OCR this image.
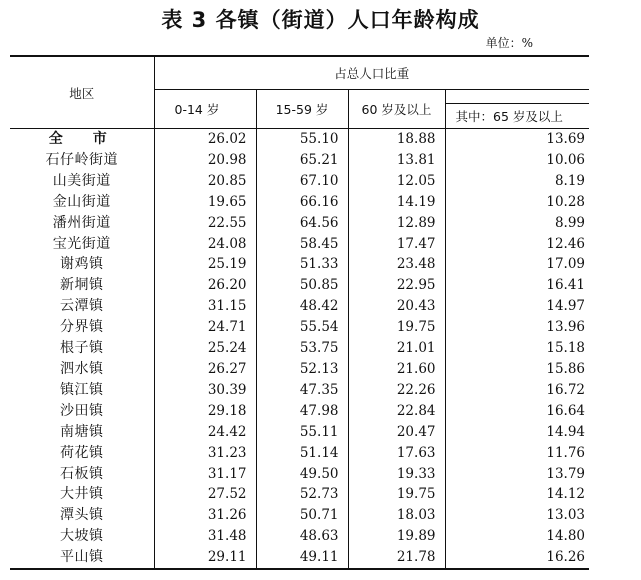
表 3 各镇（街道）人口年龄构成
单位：%
地区	占总人口比重			
	0-14 岁	15-59 岁	60 岁及以上	其中：65 岁及以上

全　市	26.02	55.10	18.88	13.69
石仔岭街道	20.98	65.21	13.81	10.06
山美街道	20.85	67.10	12.05	8.19
金山街道	19.65	66.16	14.19	10.28
潘州街道	22.55	64.56	12.89	8.99
宝光街道	24.08	58.45	17.47	12.46
谢鸡镇	25.19	51.33	23.48	17.09
新垌镇	26.20	50.85	22.95	16.41
云潭镇	31.15	48.42	20.43	14.97
分界镇	24.71	55.54	19.75	13.96
根子镇	25.24	53.75	21.01	15.18
泗水镇	26.27	52.13	21.60	15.86
镇江镇	30.39	47.35	22.26	16.72
沙田镇	29.18	47.98	22.84	16.64
南塘镇	24.42	55.11	20.47	14.94
荷花镇	31.23	51.14	17.63	11.76
石板镇	31.17	49.50	19.33	13.79
大井镇	27.52	52.73	19.75	14.12
潭头镇	31.26	50.71	18.03	13.03
大坡镇	31.48	48.63	19.89	14.80
平山镇	29.11	49.11	21.78	16.26
